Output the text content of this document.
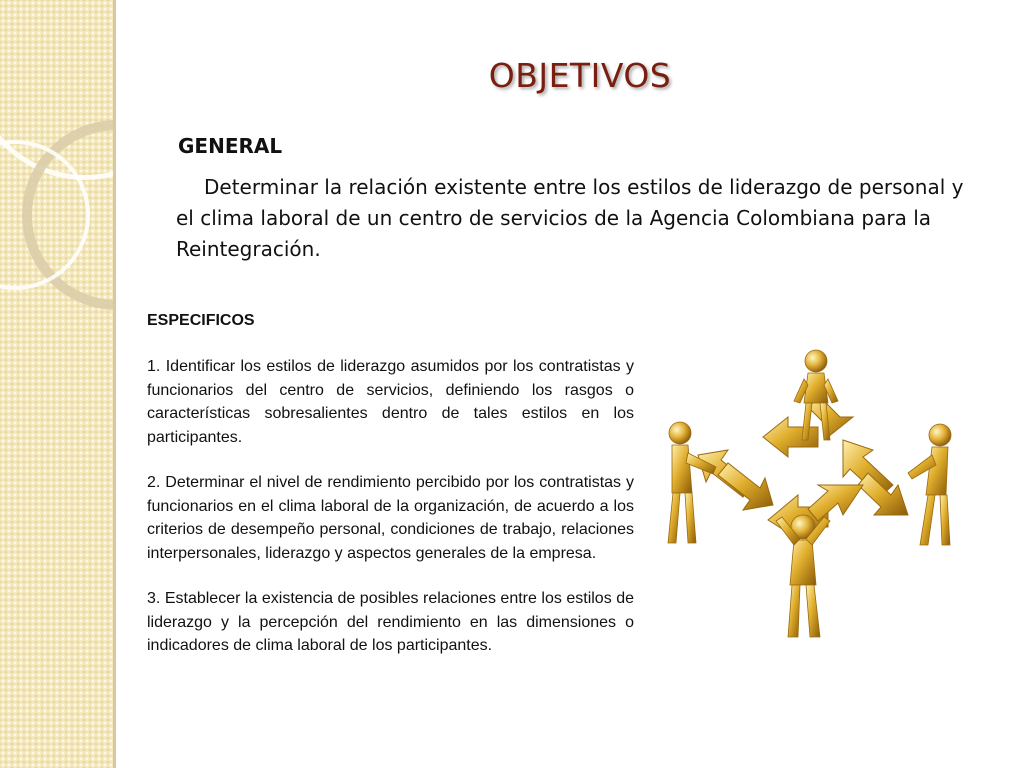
OBJETIVOS
GENERAL

Determinar la relación existente entre los estilos de liderazgo de personal y el clima laboral de un centro de servicios de la Agencia Colombiana para la Reintegración.

ESPECIFICOS
1. Identificar los estilos de liderazgo asumidos por los contratistas y funcionarios del centro de servicios, definiendo los rasgos o características sobresalientes dentro de tales estilos en los participantes.
2. Determinar el nivel de rendimiento percibido por los contratistas y funcionarios en el clima laboral de la organización, de acuerdo a los criterios de desempeño personal, condiciones de trabajo, relaciones interpersonales, liderazgo y aspectos generales de la empresa.
3. Establecer la existencia de posibles relaciones entre los estilos de liderazgo y la percepción del rendimiento en las dimensiones o indicadores de clima laboral de los participantes.
